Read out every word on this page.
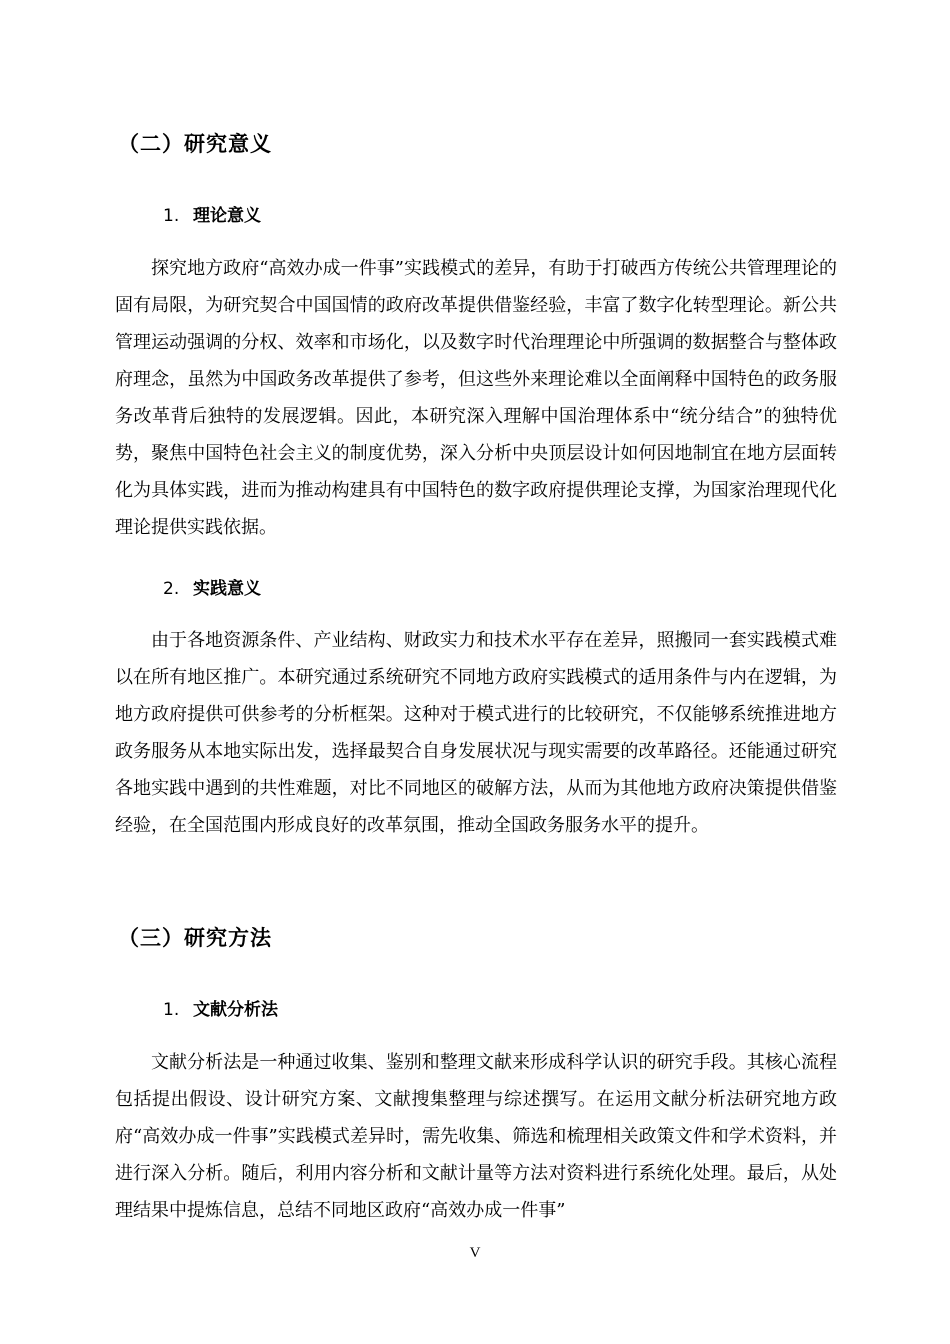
（二）研究意义
1. 理论意义

探究地方政府“高效办成一件事”实践模式的差异，有助于打破西方传统公共管理理论的固有局限，为研究契合中国国情的政府改革提供借鉴经验，丰富了数字化转型理论。新公共管理运动强调的分权、效率和市场化，以及数字时代治理理论中所强调的数据整合与整体政府理念，虽然为中国政务改革提供了参考，但这些外来理论难以全面阐释中国特色的政务服务改革背后独特的发展逻辑。因此，本研究深入理解中国治理体系中“统分结合”的独特优势，聚焦中国特色社会主义的制度优势，深入分析中央顶层设计如何因地制宜在地方层面转化为具体实践，进而为推动构建具有中国特色的数字政府提供理论支撑，为国家治理现代化理论提供实践依据。

2. 实践意义

由于各地资源条件、产业结构、财政实力和技术水平存在差异，照搬同一套实践模式难以在所有地区推广。本研究通过系统研究不同地方政府实践模式的适用条件与内在逻辑，为地方政府提供可供参考的分析框架。这种对于模式进行的比较研究，不仅能够系统推进地方政务服务从本地实际出发，选择最契合自身发展状况与现实需要的改革路径。还能通过研究各地实践中遇到的共性难题，对比不同地区的破解方法，从而为其他地方政府决策提供借鉴经验，在全国范围内形成良好的改革氛围，推动全国政务服务水平的提升。

（三）研究方法
1. 文献分析法

文献分析法是一种通过收集、鉴别和整理文献来形成科学认识的研究手段。其核心流程包括提出假设、设计研究方案、文献搜集整理与综述撰写。在运用文献分析法研究地方政府“高效办成一件事”实践模式差异时，需先收集、筛选和梳理相关政策文件和学术资料，并进行深入分析。随后，利用内容分析和文献计量等方法对资料进行系统化处理。最后，从处理结果中提炼信息，总结不同地区政府“高效办成一件事”

V
